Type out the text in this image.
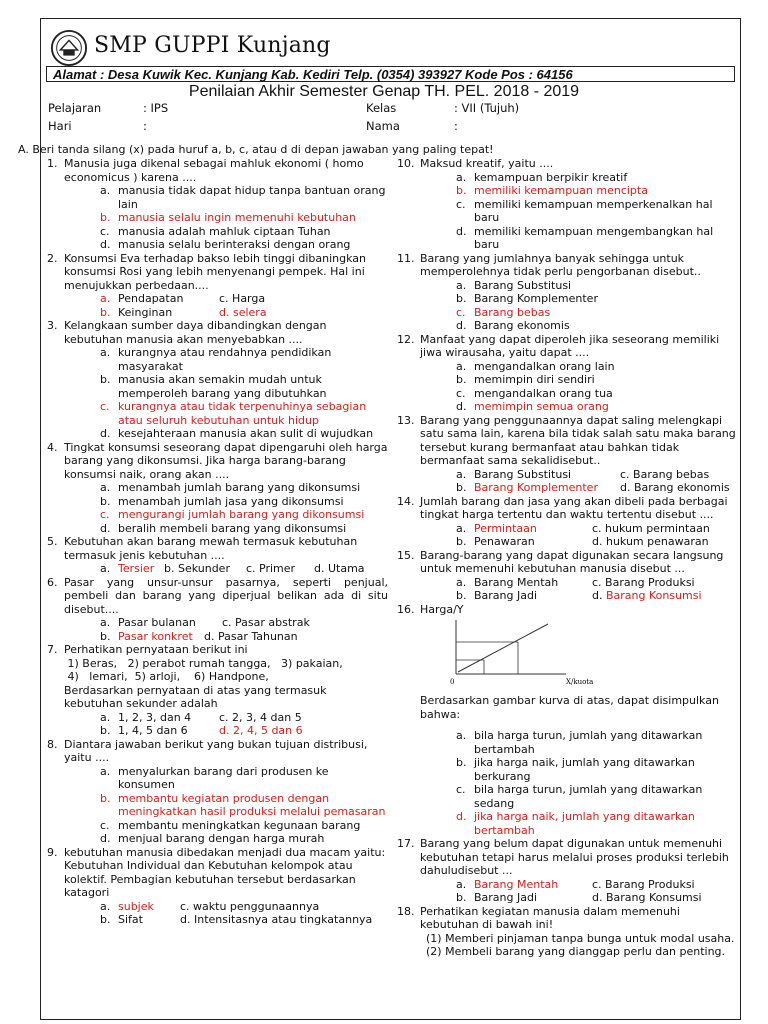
SMP GUPPI Kunjang
Alamat : Desa Kuwik Kec. Kunjang Kab. Kediri Telp. (0354) 393927 Kode Pos : 64156
Penilaian Akhir Semester Genap TH. PEL. 2018 - 2019
Pelajaran	: IPS	Kelas	: VII (Tujuh)
Hari	:	Nama	:
A. Beri tanda silang (x) pada huruf a, b, c, atau d di depan jawaban yang paling tepat!
1. Manusia juga dikenal sebagai mahluk ekonomi ( homo economicus ) karena ....
a. manusia tidak dapat hidup tanpa bantuan orang lain
b. manusia selalu ingin memenuhi kebutuhan
c. manusia adalah mahluk ciptaan Tuhan
d. manusia selalu berinteraksi dengan orang
2. Konsumsi Eva terhadap bakso lebih tinggi dibaningkan konsumsi Rosi yang lebih menyenangi pempek. Hal ini menujukkan perbedaan....
a. Pendapatan	c. Harga
b. Keinginan	d. selera
3. Kelangkaan sumber daya dibandingkan dengan kebutuhan manusia akan menyebabkan ....
a. kurangnya atau rendahnya pendidikan masyarakat
b. manusia akan semakin mudah untuk memperoleh barang yang dibutuhkan
c. kurangnya atau tidak terpenuhinya sebagian atau seluruh kebutuhan untuk hidup
d. kesejahteraan manusia akan sulit di wujudkan
4. Tingkat konsumsi seseorang dapat dipengaruhi oleh harga barang yang dikonsumsi. Jika harga barang-barang konsumsi naik, orang akan ....
a. menambah jumlah barang yang dikonsumsi
b. menambah jumlah jasa yang dikonsumsi
c. mengurangi jumlah barang yang dikonsumsi
d. beralih membeli barang yang dikonsumsi
5. Kebutuhan akan barang mewah termasuk kebutuhan termasuk jenis kebutuhan ....
a. Tersier b. Sekunder c. Primer d. Utama
6. Pasar yang unsur-unsur pasarnya, seperti penjual, pembeli dan barang yang diperjual belikan ada di situ disebut....
a. Pasar bulanan c. Pasar abstrak
b. Pasar konkret d. Pasar Tahunan
7. Perhatikan pernyataan berikut ini
1) Beras,   2) perabot rumah tangga,   3) pakaian,
4)   lemari,  5) arloji,    6) Handpone,
Berdasarkan pernyataan di atas yang termasuk kebutuhan sekunder adalah
a. 1, 2, 3, dan 4	c. 2, 3, 4 dan 5
b. 1, 4, 5 dan 6	d. 2, 4, 5 dan 6
8. Diantara jawaban berikut yang bukan tujuan distribusi, yaitu ....
a. menyalurkan barang dari produsen ke konsumen
b. membantu kegiatan produsen dengan meningkatkan hasil produksi melalui pemasaran
c. membantu meningkatkan kegunaan barang
d. menjual barang dengan harga murah
9. kebutuhan manusia dibedakan menjadi dua macam yaitu: Kebutuhan Individual dan Kebutuhan kelompok atau kolektif. Pembagian kebutuhan tersebut berdasarkan katagori
a. subjek c. waktu penggunaannya
b. Sifat	d. Intensitasnya atau tingkatannya
10. Maksud kreatif, yaitu ....
a. kemampuan berpikir kreatif
b. memiliki kemampuan mencipta
c. memiliki kemampuan memperkenalkan hal baru
d. memiliki kemampuan mengembangkan hal baru
11. Barang yang jumlahnya banyak sehingga untuk memperolehnya tidak perlu pengorbanan disebut..
a. Barang Substitusi
b. Barang Komplementer
c. Barang bebas
d. Barang ekonomis
12. Manfaat yang dapat diperoleh jika seseorang memiliki jiwa wirausaha, yaitu dapat ....
a. mengandalkan orang lain
b. memimpin diri sendiri
c. mengandalkan orang tua
d. memimpin semua orang
13. Barang yang penggunaannya dapat saling melengkapi satu sama lain, karena bila tidak salah satu maka barang tersebut kurang bermanfaat atau bahkan tidak bermanfaat sama sekalidisebut..
a. Barang Substitusi	c. Barang bebas
b. Barang Komplementer d. Barang ekonomis
14. Jumlah barang dan jasa yang akan dibeli pada berbagai tingkat harga tertentu dan waktu tertentu disebut ....
a. Permintaan	c. hukum permintaan
b. Penawaran	d. hukum penawaran
15. Barang-barang yang dapat digunakan secara langsung untuk memenuhi kebutuhan manusia disebut ...
a. Barang Mentah	c. Barang Produksi
b. Barang Jadi	d. Barang Konsumsi
16. Harga/Y
0	X/kuota
Berdasarkan gambar kurva di atas, dapat disimpulkan bahwa:
a. bila harga turun, jumlah yang ditawarkan bertambah
b. jika harga naik, jumlah yang ditawarkan berkurang
c. bila harga turun, jumlah yang ditawarkan sedang
d. jika harga naik, jumlah yang ditawarkan bertambah
17. Barang yang belum dapat digunakan untuk memenuhi kebutuhan tetapi harus melalui proses produksi terlebih dahuludisebut ...
a. Barang Mentah	c. Barang Produksi
b. Barang Jadi	d. Barang Konsumsi
18. Perhatikan kegiatan manusia dalam memenuhi kebutuhan di bawah ini!
(1) Memberi pinjaman tanpa bunga untuk modal usaha.
(2) Membeli barang yang dianggap perlu dan penting.
